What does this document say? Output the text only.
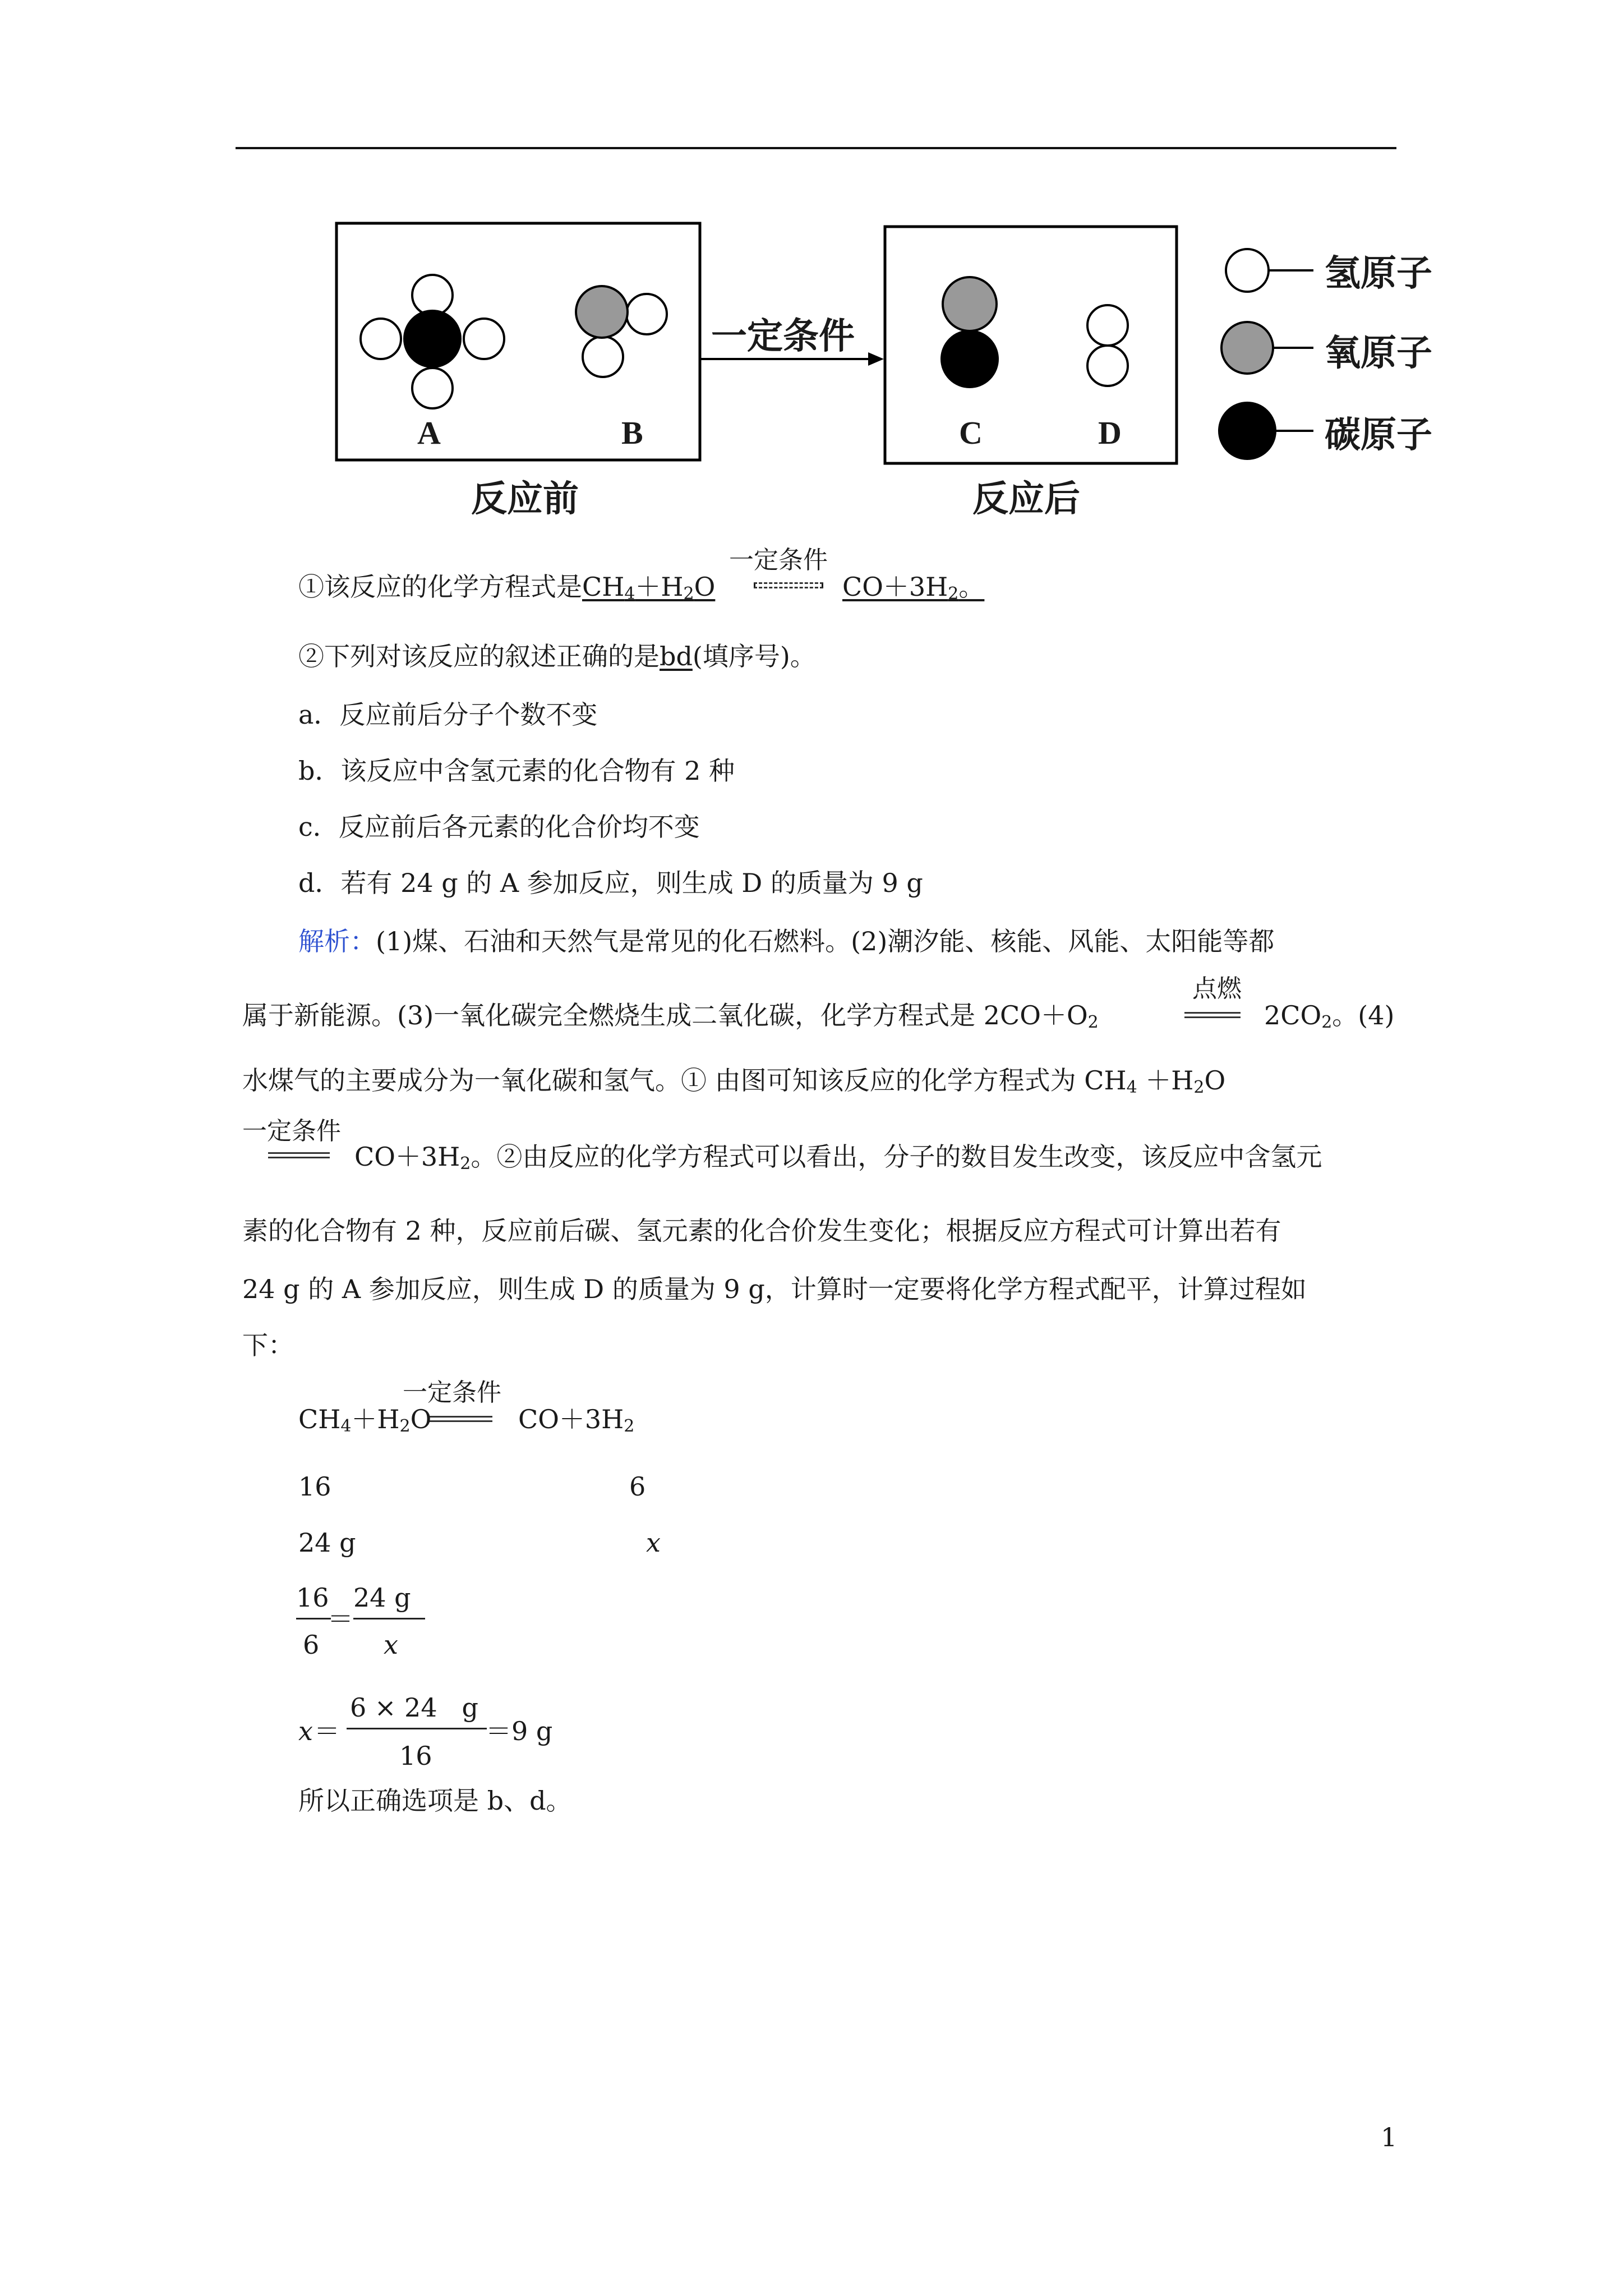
A	B	C	D
一定条件
反应前	反应后
氢原子
氧原子
碳原子
①该反应的化学方程式是$CH_4+H_2O$
一定条件
$CO+3H_2$。
②下列对该反应的叙述正确的是bd(填序号)。
a．反应前后分子个数不变
b．该反应中含氢元素的化合物有 2 种
c．反应前后各元素的化合价均不变
d．若有 24 g 的 A 参加反应，则生成 D 的质量为 9 g
解析：(1)煤、石油和天然气是常见的化石燃料。(2)潮汐能、核能、风能、太阳能等都
属于新能源。(3)一氧化碳完全燃烧生成二氧化碳，化学方程式是 $2CO+O_2$
点燃
$2CO_2$。(4)
水煤气的主要成分为一氧化碳和氢气。① 由图可知该反应的化学方程式为 $CH_4 +H_2O$
一定条件
$CO+3H_2$。②由反应的化学方程式可以看出，分子的数目发生改变，该反应中含氢元
素的化合物有 2 种，反应前后碳、氢元素的化合价发生变化；根据反应方程式可计算出若有
24 g 的 A 参加反应，则生成 D 的质量为 9 g，计算时一定要将化学方程式配平，计算过程如
下：
一定条件
$CH_4+H_2O$	$CO+3H_2$
16	6
24 g	x
16
6
＝
24 g
x
x ＝
6 × 24   g
16
＝9 g
所以正确选项是 b、d。
1
